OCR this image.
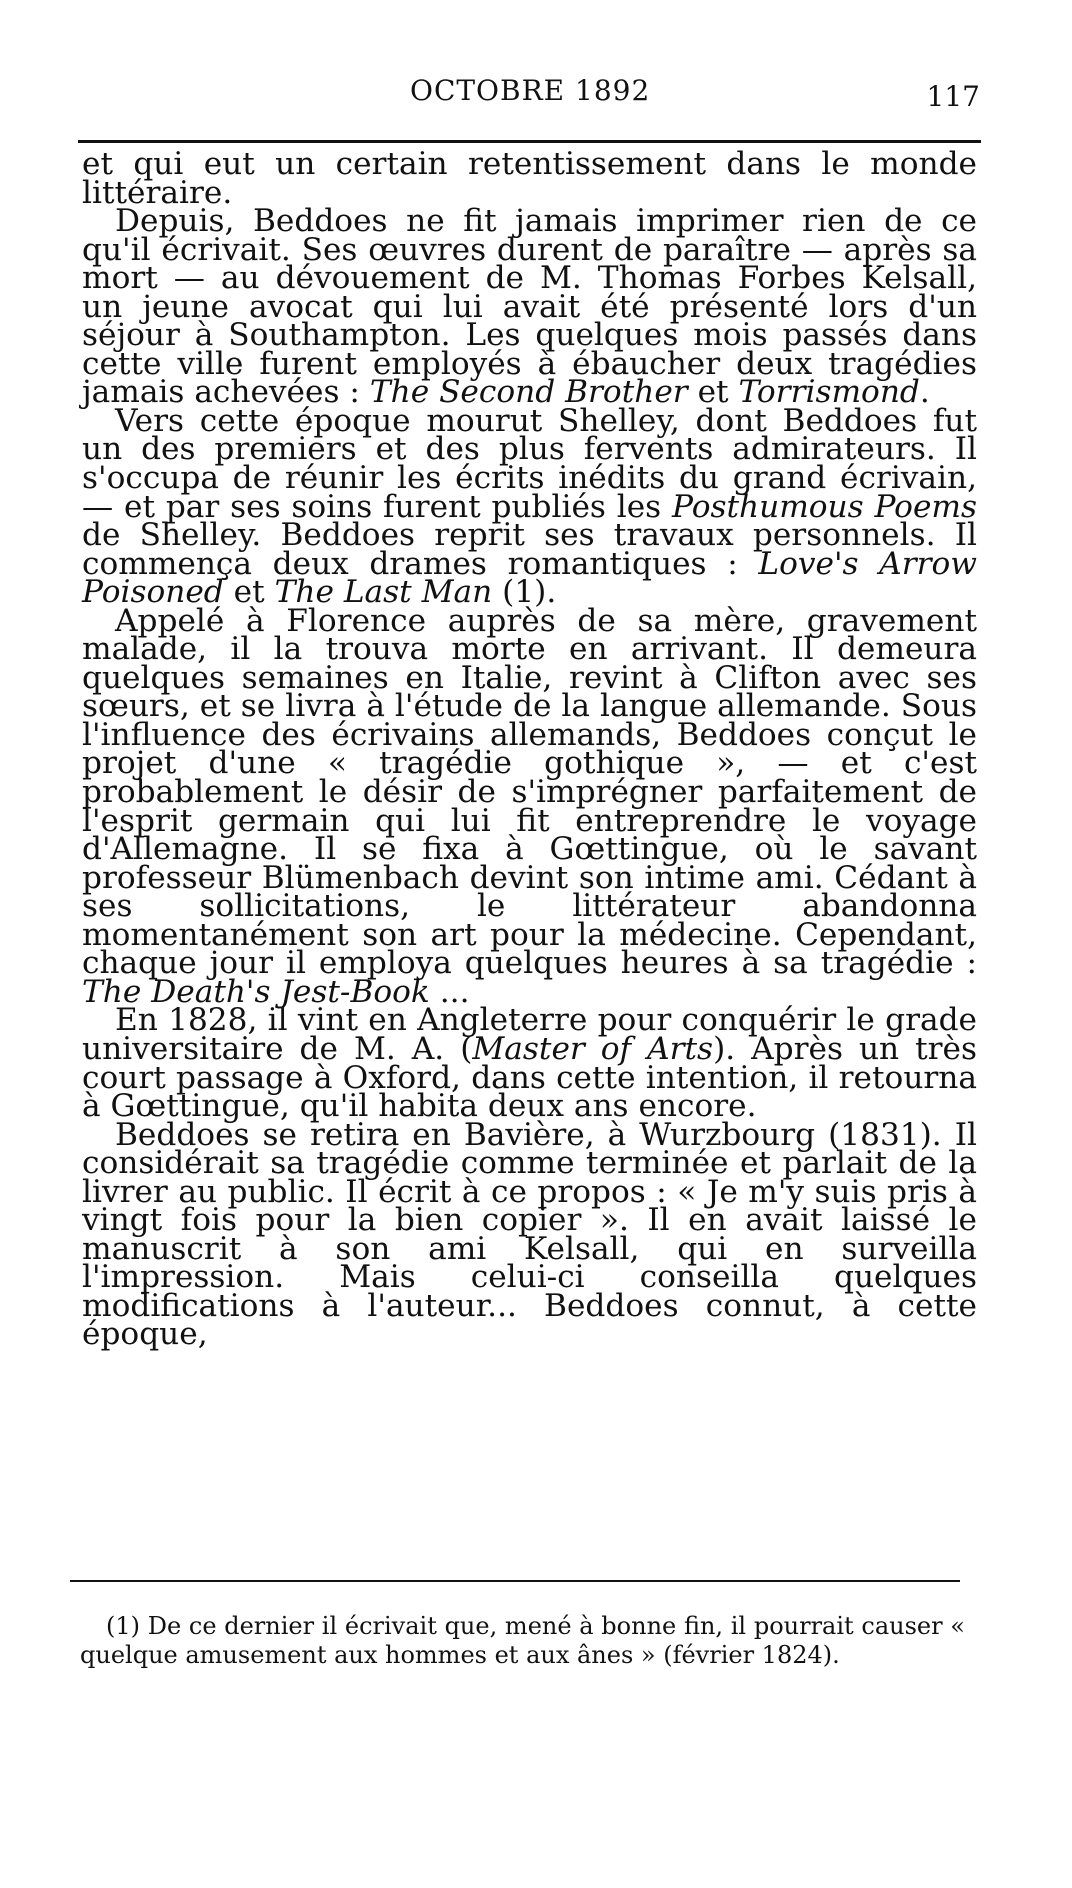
OCTOBRE 1892	117

et qui eut un certain retentissement dans le monde littéraire.

Depuis, Beddoes ne fit jamais imprimer rien de ce qu'il écrivait. Ses œuvres durent de paraître — après sa mort — au dévouement de M. Thomas Forbes Kelsall, un jeune avocat qui lui avait été présenté lors d'un séjour à Southampton. Les quelques mois passés dans cette ville furent employés à ébaucher deux tragédies jamais achevées : The Second Brother et Torrismond.

Vers cette époque mourut Shelley, dont Beddoes fut un des premiers et des plus fervents admirateurs. Il s'occupa de réunir les écrits inédits du grand écrivain, — et par ses soins furent publiés les Posthumous Poems de Shelley. Beddoes reprit ses travaux personnels. Il commença deux drames romantiques : Love's Arrow Poisoned et The Last Man (1).

Appelé à Florence auprès de sa mère, gravement malade, il la trouva morte en arrivant. Il demeura quelques semaines en Italie, revint à Clifton avec ses sœurs, et se livra à l'étude de la langue allemande. Sous l'influence des écrivains allemands, Beddoes conçut le projet d'une « tragédie gothique », — et c'est probablement le désir de s'imprégner parfaitement de l'esprit germain qui lui fit entreprendre le voyage d'Allemagne. Il se fixa à Gœttingue, où le savant professeur Blümenbach devint son intime ami. Cédant à ses sollicitations, le littérateur abandonna momentanément son art pour la médecine. Cependant, chaque jour il employa quelques heures à sa tragédie : The Death's Jest-Book ...

En 1828, il vint en Angleterre pour conquérir le grade universitaire de M. A. (Master of Arts). Après un très court passage à Oxford, dans cette intention, il retourna à Gœttingue, qu'il habita deux ans encore.

Beddoes se retira en Bavière, à Wurzbourg (1831). Il considérait sa tragédie comme terminée et parlait de la livrer au public. Il écrit à ce propos : « Je m'y suis pris à vingt fois pour la bien copier ». Il en avait laissé le manuscrit à son ami Kelsall, qui en surveilla l'impression. Mais celui-ci conseilla quelques modifications à l'auteur... Beddoes connut, à cette époque,

(1) De ce dernier il écrivait que, mené à bonne fin, il pourrait causer « quelque amusement aux hommes et aux ânes » (février 1824).
